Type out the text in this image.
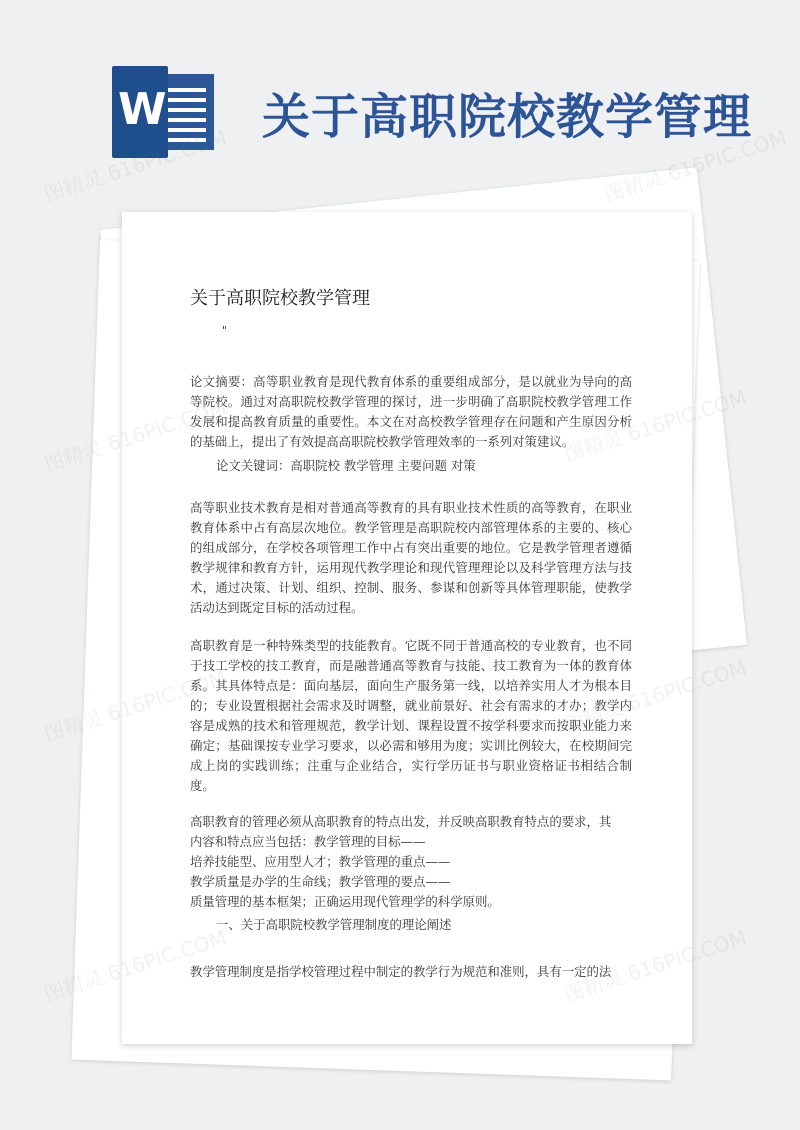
W 关于高职院校教学管理
关于高职院校教学管理
"

论文摘要：高等职业教育是现代教育体系的重要组成部分，是以就业为导向的高等院校。通过对高职院校教学管理的探讨，进一步明确了高职院校教学管理工作发展和提高教育质量的重要性。本文在对高校教学管理存在问题和产生原因分析的基础上，提出了有效提高高职院校教学管理效率的一系列对策建议。

论文关键词：高职院校 教学管理 主要问题 对策

高等职业技术教育是相对普通高等教育的具有职业技术性质的高等教育，在职业教育体系中占有高层次地位。教学管理是高职院校内部管理体系的主要的、核心的组成部分，在学校各项管理工作中占有突出重要的地位。它是教学管理者遵循教学规律和教育方针，运用现代教学理论和现代管理理论以及科学管理方法与技术，通过决策、计划、组织、控制、服务、参谋和创新等具体管理职能，使教学活动达到既定目标的活动过程。

高职教育是一种特殊类型的技能教育。它既不同于普通高校的专业教育，也不同于技工学校的技工教育，而是融普通高等教育与技能、技工教育为一体的教育体系。其具体特点是：面向基层，面向生产服务第一线，以培养实用人才为根本目的；专业设置根据社会需求及时调整，就业前景好、社会有需求的才办；教学内容是成熟的技术和管理规范，教学计划、课程设置不按学科要求而按职业能力来确定；基础课按专业学习要求，以必需和够用为度；实训比例较大，在校期间完成上岗的实践训练；注重与企业结合，实行学历证书与职业资格证书相结合制度。

高职教育的管理必须从高职教育的特点出发，并反映高职教育特点的要求，其
内容和特点应当包括：教学管理的目标——
培养技能型、应用型人才；教学管理的重点——
教学质量是办学的生命线；教学管理的要点——
质量管理的基本框架；正确运用现代管理学的科学原则。

一、关于高职院校教学管理制度的理论阐述

教学管理制度是指学校管理过程中制定的教学行为规范和准则，具有一定的法

图精灵 616PIC.COM	图精灵 616PIC.COM
图精灵
图精灵
